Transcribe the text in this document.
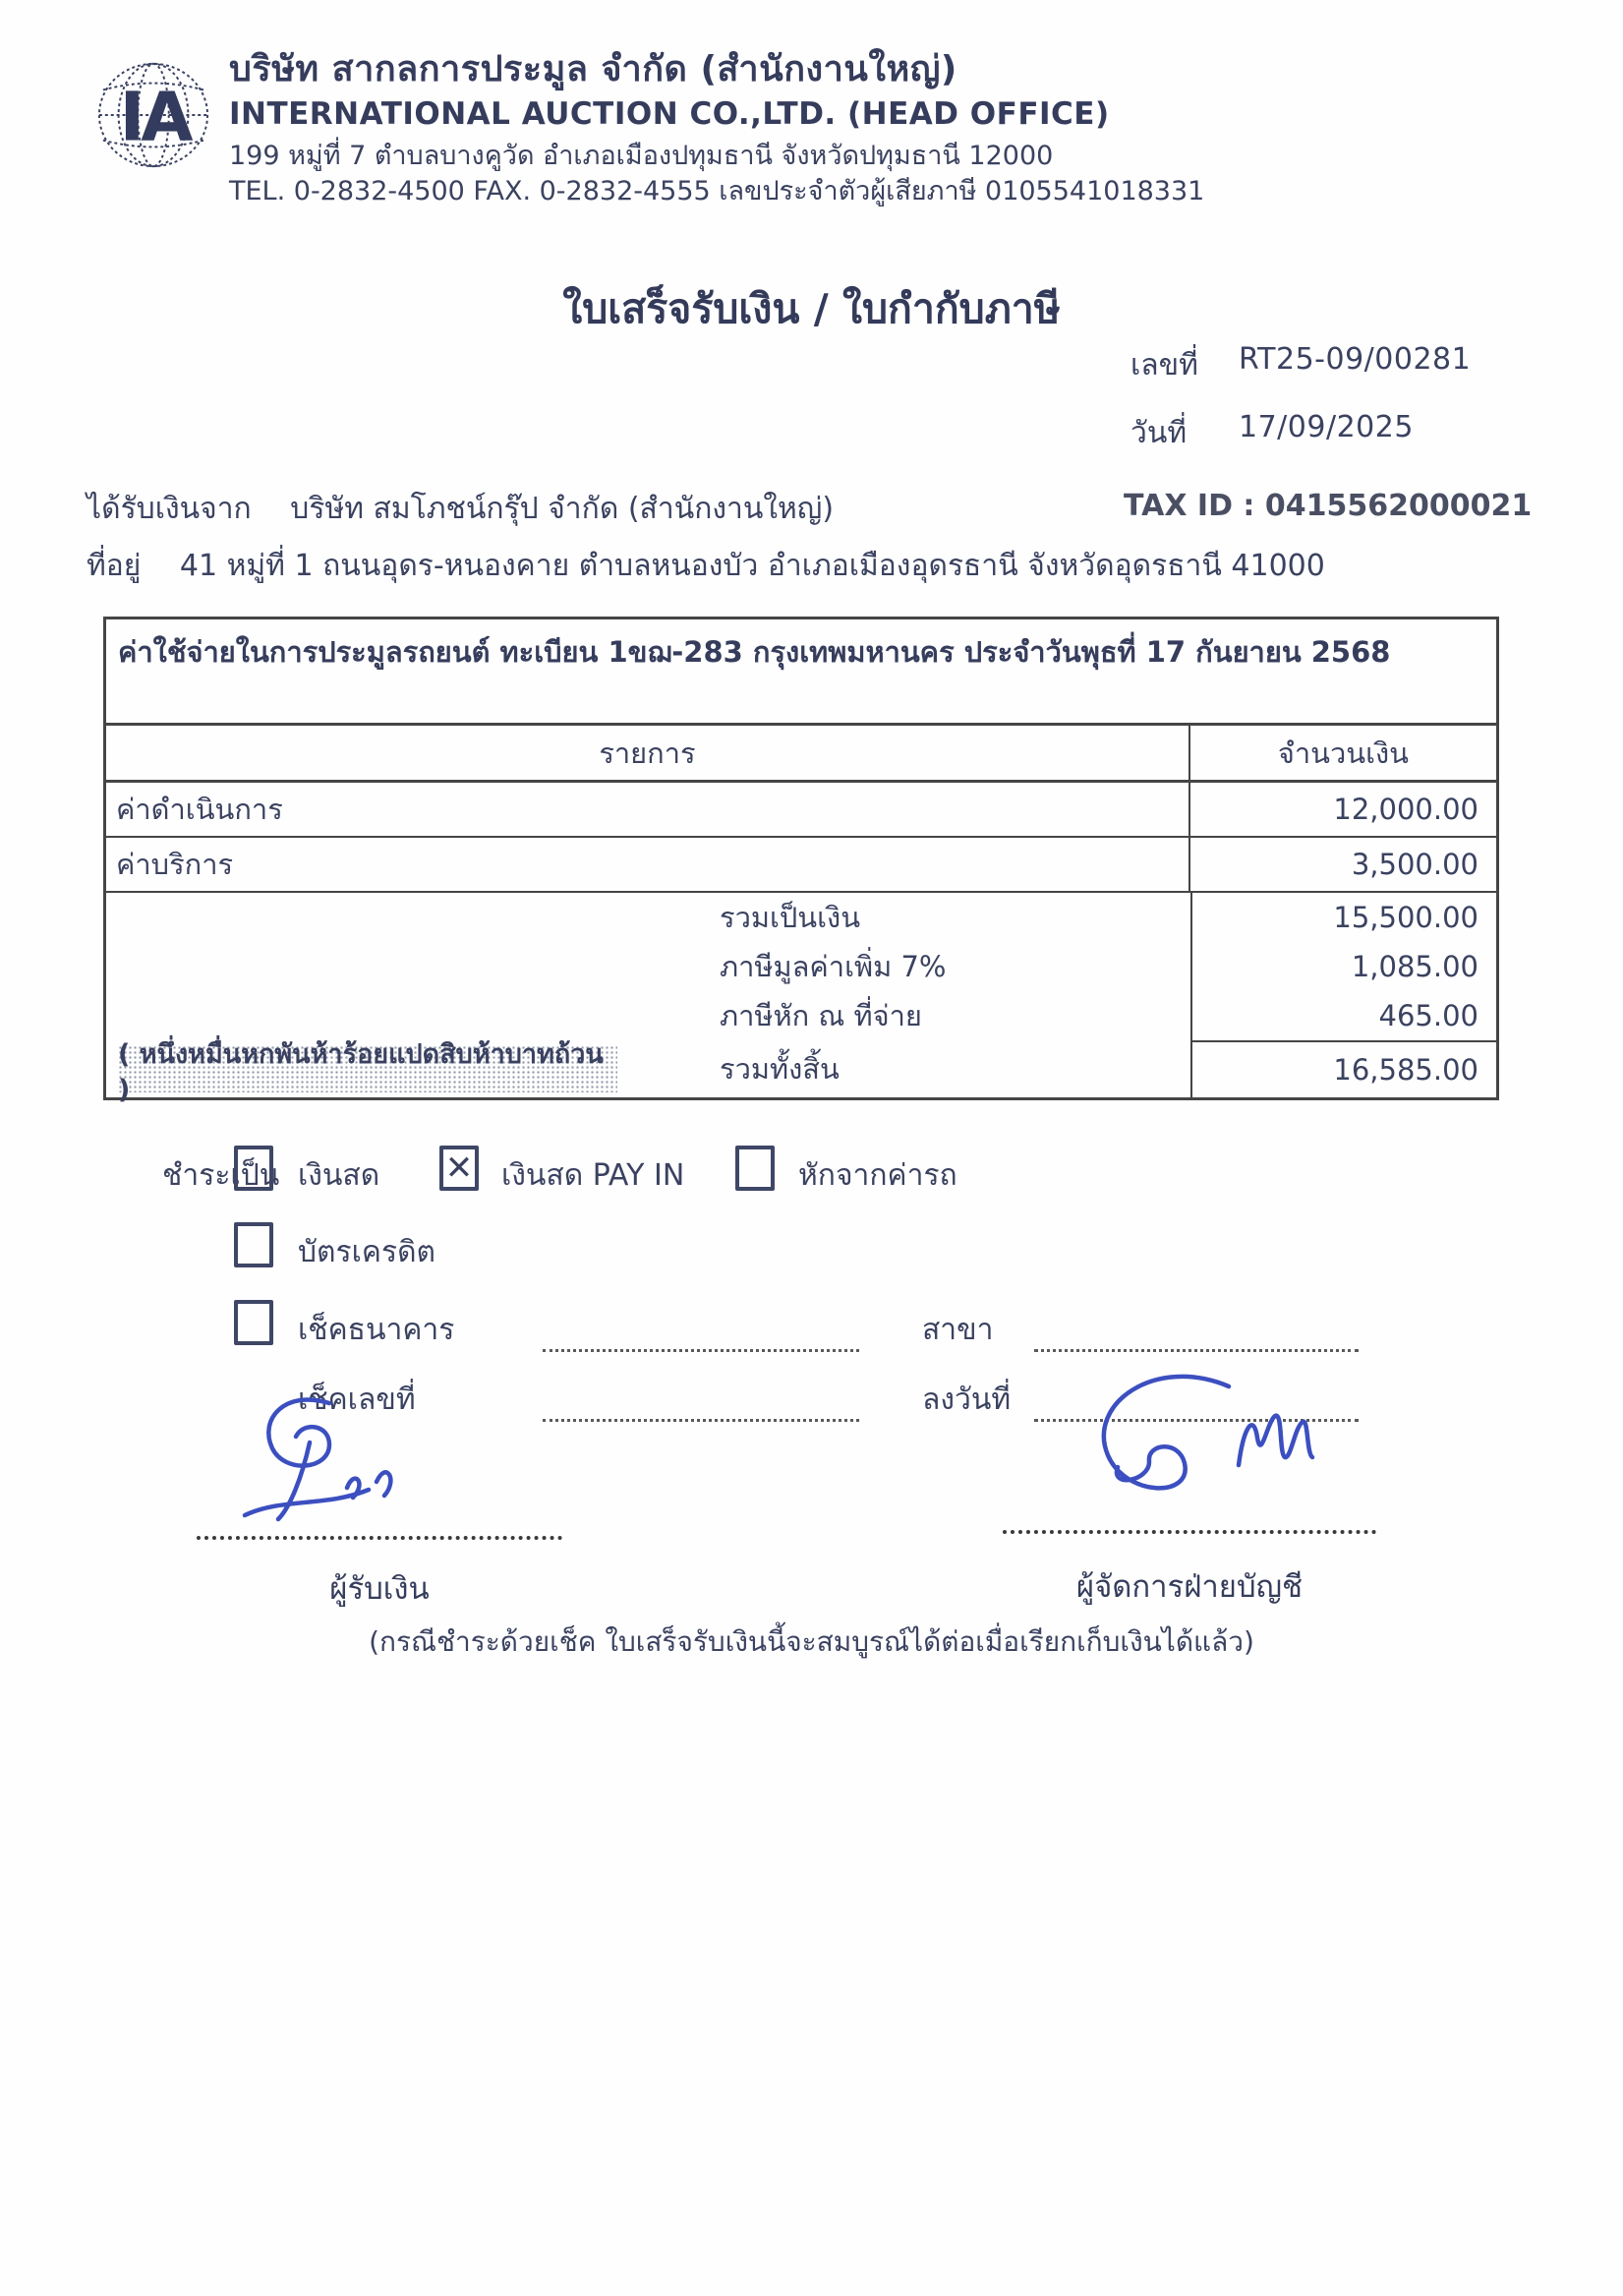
IA
บริษัท สากลการประมูล จำกัด (สำนักงานใหญ่)
INTERNATIONAL AUCTION CO.,LTD. (HEAD OFFICE)
199 หมู่ที่ 7 ตำบลบางคูวัด อำเภอเมืองปทุมธานี จังหวัดปทุมธานี 12000
TEL. 0-2832-4500 FAX. 0-2832-4555 เลขประจำตัวผู้เสียภาษี 0105541018331
ใบเสร็จรับเงิน / ใบกำกับภาษี
เลขที่	RT25-09/00281
วันที่	17/09/2025
ได้รับเงินจาก บริษัท สมโภชน์กรุ๊ป จำกัด (สำนักงานใหญ่)	TAX ID : 0415562000021
ที่อยู่ 41 หมู่ที่ 1 ถนนอุดร-หนองคาย ตำบลหนองบัว อำเภอเมืองอุดรธานี จังหวัดอุดรธานี 41000
ค่าใช้จ่ายในการประมูลรถยนต์ ทะเบียน 1ขฌ-283 กรุงเทพมหานคร ประจำวันพุธที่ 17 กันยายน 2568
รายการ	จำนวนเงิน
ค่าดำเนินการ	12,000.00
ค่าบริการ	3,500.00
รวมเป็นเงิน	15,500.00
ภาษีมูลค่าเพิ่ม 7%	1,085.00
ภาษีหัก ณ ที่จ่าย	465.00
( หนึ่งหมื่นหกพันห้าร้อยแปดสิบห้าบาทถ้วน )
รวมทั้งสิ้น	16,585.00
ชำระเป็น เงินสด ✕ เงินสด PAY IN	หักจากค่ารถ
บัตรเครดิต
เช็คธนาคาร	สาขา
เช็คเลขที่	ลงวันที่
ผู้รับเงิน	ผู้จัดการฝ่ายบัญชี
(กรณีชำระด้วยเช็ค ใบเสร็จรับเงินนี้จะสมบูรณ์ได้ต่อเมื่อเรียกเก็บเงินได้แล้ว)
